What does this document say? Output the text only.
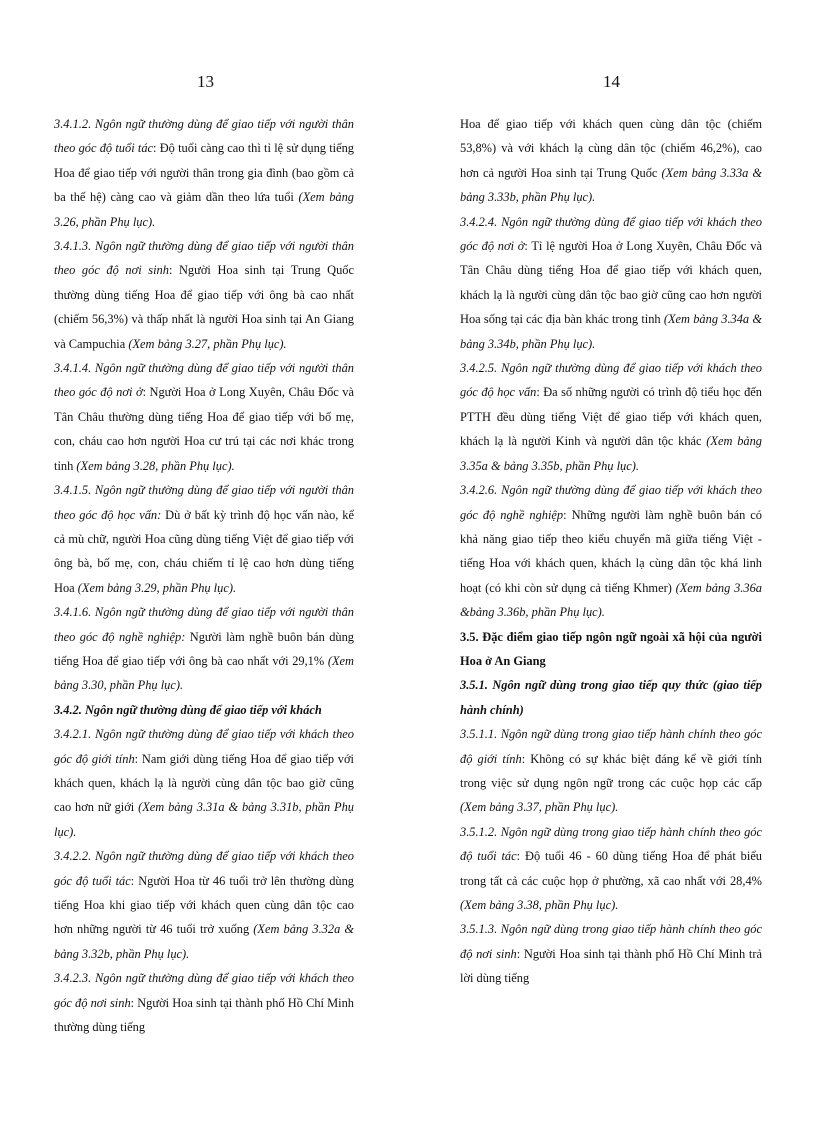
13	14

3.4.1.2. Ngôn ngữ thường dùng để giao tiếp với người thân theo góc độ tuổi tác: Độ tuổi càng cao thì tỉ lệ sử dụng tiếng Hoa để giao tiếp với người thân trong gia đình (bao gồm cả ba thế hệ) càng cao và giảm dần theo lứa tuổi (Xem bảng 3.26, phần Phụ lục).

3.4.1.3. Ngôn ngữ thường dùng để giao tiếp với người thân theo góc độ nơi sinh: Người Hoa sinh tại Trung Quốc thường dùng tiếng Hoa để giao tiếp với ông bà cao nhất (chiếm 56,3%) và thấp nhất là người Hoa sinh tại An Giang và Campuchia (Xem bảng 3.27, phần Phụ lục).

3.4.1.4. Ngôn ngữ thường dùng để giao tiếp với người thân theo góc độ nơi ở: Người Hoa ở Long Xuyên, Châu Đốc và Tân Châu thường dùng tiếng Hoa để giao tiếp với bố mẹ, con, cháu cao hơn người Hoa cư trú tại các nơi khác trong tỉnh (Xem bảng 3.28, phần Phụ lục).

3.4.1.5. Ngôn ngữ thường dùng để giao tiếp với người thân theo góc độ học vấn: Dù ở bất kỳ trình độ học vấn nào, kể cả mù chữ, người Hoa cũng dùng tiếng Việt để giao tiếp với ông bà, bố mẹ, con, cháu chiếm tỉ lệ cao hơn dùng tiếng Hoa (Xem bảng 3.29, phần Phụ lục).

3.4.1.6. Ngôn ngữ thường dùng để giao tiếp với người thân theo góc độ nghề nghiệp: Người làm nghề buôn bán dùng tiếng Hoa để giao tiếp với ông bà cao nhất với 29,1% (Xem bảng 3.30, phần Phụ lục).

3.4.2. Ngôn ngữ thường dùng để giao tiếp với khách

3.4.2.1. Ngôn ngữ thường dùng để giao tiếp với khách theo góc độ giới tính: Nam giới dùng tiếng Hoa để giao tiếp với khách quen, khách lạ là người cùng dân tộc bao giờ cũng cao hơn nữ giới (Xem bảng 3.31a & bảng 3.31b, phần Phụ lục).

3.4.2.2. Ngôn ngữ thường dùng để giao tiếp với khách theo góc độ tuổi tác: Người Hoa từ 46 tuổi trở lên thường dùng tiếng Hoa khi giao tiếp với khách quen cùng dân tộc cao hơn những người từ 46 tuổi trở xuống (Xem bảng 3.32a & bảng 3.32b, phần Phụ lục).

3.4.2.3. Ngôn ngữ thường dùng để giao tiếp với khách theo góc độ nơi sinh: Người Hoa sinh tại thành phố Hồ Chí Minh thường dùng tiếng

Hoa để giao tiếp với khách quen cùng dân tộc (chiếm 53,8%) và với khách lạ cùng dân tộc (chiếm 46,2%), cao hơn cả người Hoa sinh tại Trung Quốc (Xem bảng 3.33a & bảng 3.33b, phần Phụ lục).

3.4.2.4. Ngôn ngữ thường dùng để giao tiếp với khách theo góc độ nơi ở: Tỉ lệ người Hoa ở Long Xuyên, Châu Đốc và Tân Châu dùng tiếng Hoa để giao tiếp với khách quen, khách lạ là người cùng dân tộc bao giờ cũng cao hơn người Hoa sống tại các địa bàn khác trong tỉnh (Xem bảng 3.34a & bảng 3.34b, phần Phụ lục).

3.4.2.5. Ngôn ngữ thường dùng để giao tiếp với khách theo góc độ học vấn: Đa số những người có trình độ tiểu học đến PTTH đều dùng tiếng Việt để giao tiếp với khách quen, khách lạ là người Kinh và người dân tộc khác (Xem bảng 3.35a & bảng 3.35b, phần Phụ lục).

3.4.2.6. Ngôn ngữ thường dùng để giao tiếp với khách theo góc độ nghề nghiệp: Những người làm nghề buôn bán có khả năng giao tiếp theo kiểu chuyển mã giữa tiếng Việt - tiếng Hoa với khách quen, khách lạ cùng dân tộc khá linh hoạt (có khi còn sử dụng cả tiếng Khmer) (Xem bảng 3.36a &bảng 3.36b, phần Phụ lục).

3.5. Đặc điểm giao tiếp ngôn ngữ ngoài xã hội của người Hoa ở An Giang

3.5.1. Ngôn ngữ dùng trong giao tiếp quy thức (giao tiếp hành chính)

3.5.1.1. Ngôn ngữ dùng trong giao tiếp hành chính theo góc độ giới tính: Không có sự khác biệt đáng kể về giới tính trong việc sử dụng ngôn ngữ trong các cuộc họp các cấp (Xem bảng 3.37, phần Phụ lục).

3.5.1.2. Ngôn ngữ dùng trong giao tiếp hành chính theo góc độ tuổi tác: Độ tuổi 46 - 60 dùng tiếng Hoa để phát biểu trong tất cả các cuộc họp ở phường, xã cao nhất với 28,4% (Xem bảng 3.38, phần Phụ lục).

3.5.1.3. Ngôn ngữ dùng trong giao tiếp hành chính theo góc độ nơi sinh: Người Hoa sinh tại thành phố Hồ Chí Minh trả lời dùng tiếng
